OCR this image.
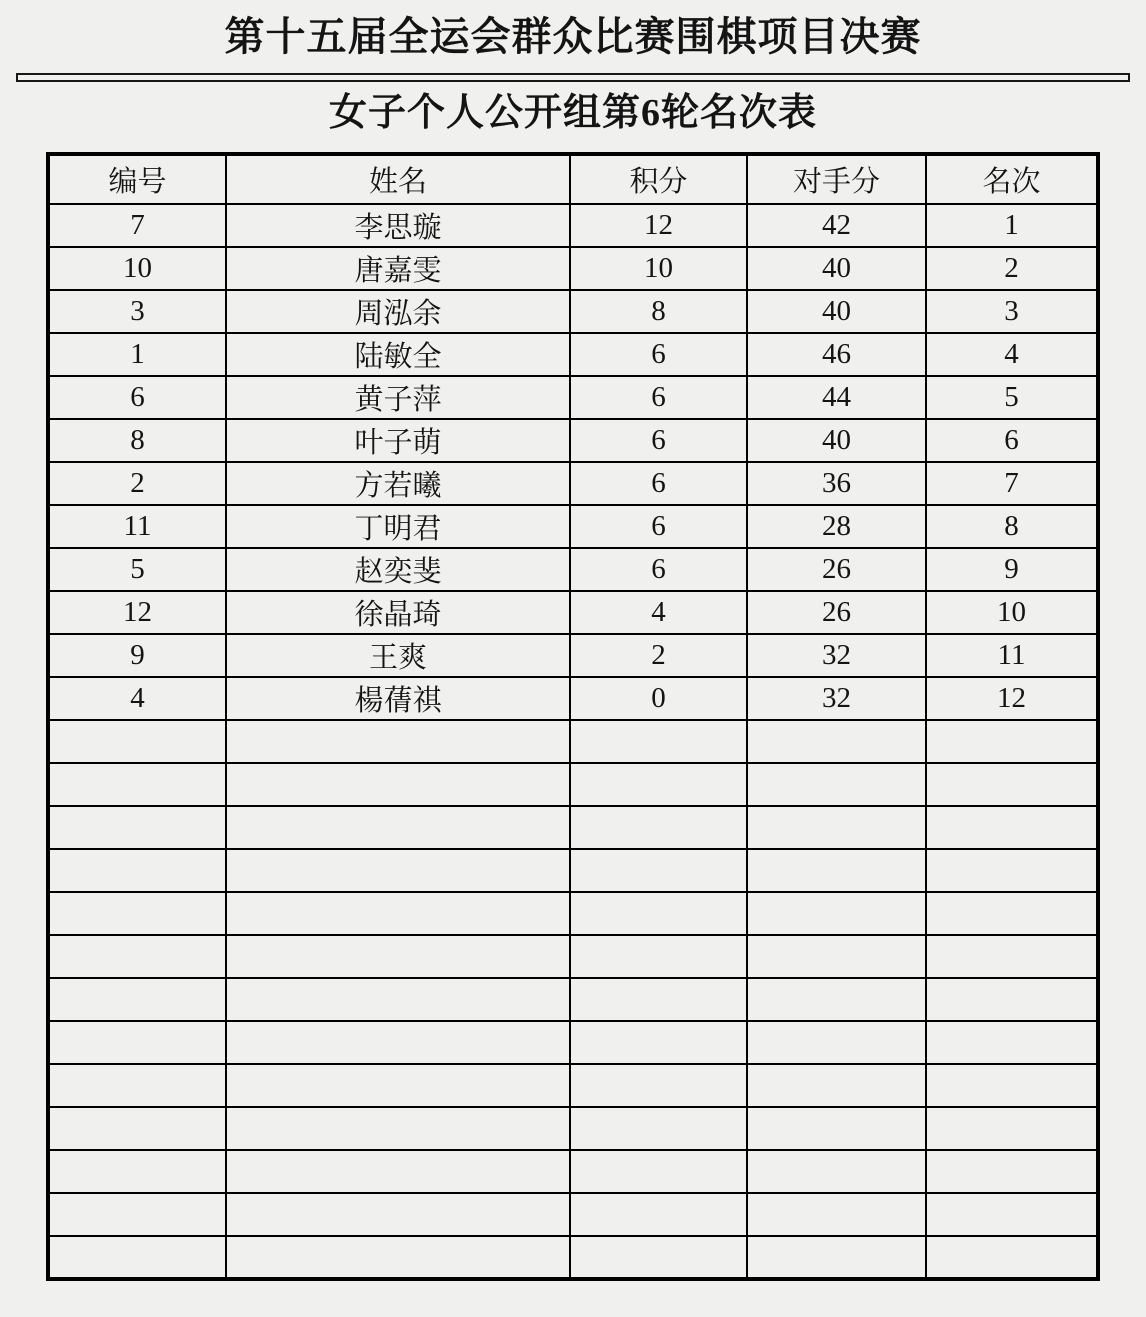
第十五届全运会群众比赛围棋项目决赛
女子个人公开组第6轮名次表
编号	姓名	积分	对手分	名次
7	李思璇	12	42	1
10	唐嘉雯	10	40	2
3	周泓余	8	40	3
1	陆敏全	6	46	4
6	黄子萍	6	44	5
8	叶子萌	6	40	6
2	方若曦	6	36	7
11	丁明君	6	28	8
5	赵奕斐	6	26	9
12	徐晶琦	4	26	10
9	王爽	2	32	11
4	楊蒨祺	0	32	12
